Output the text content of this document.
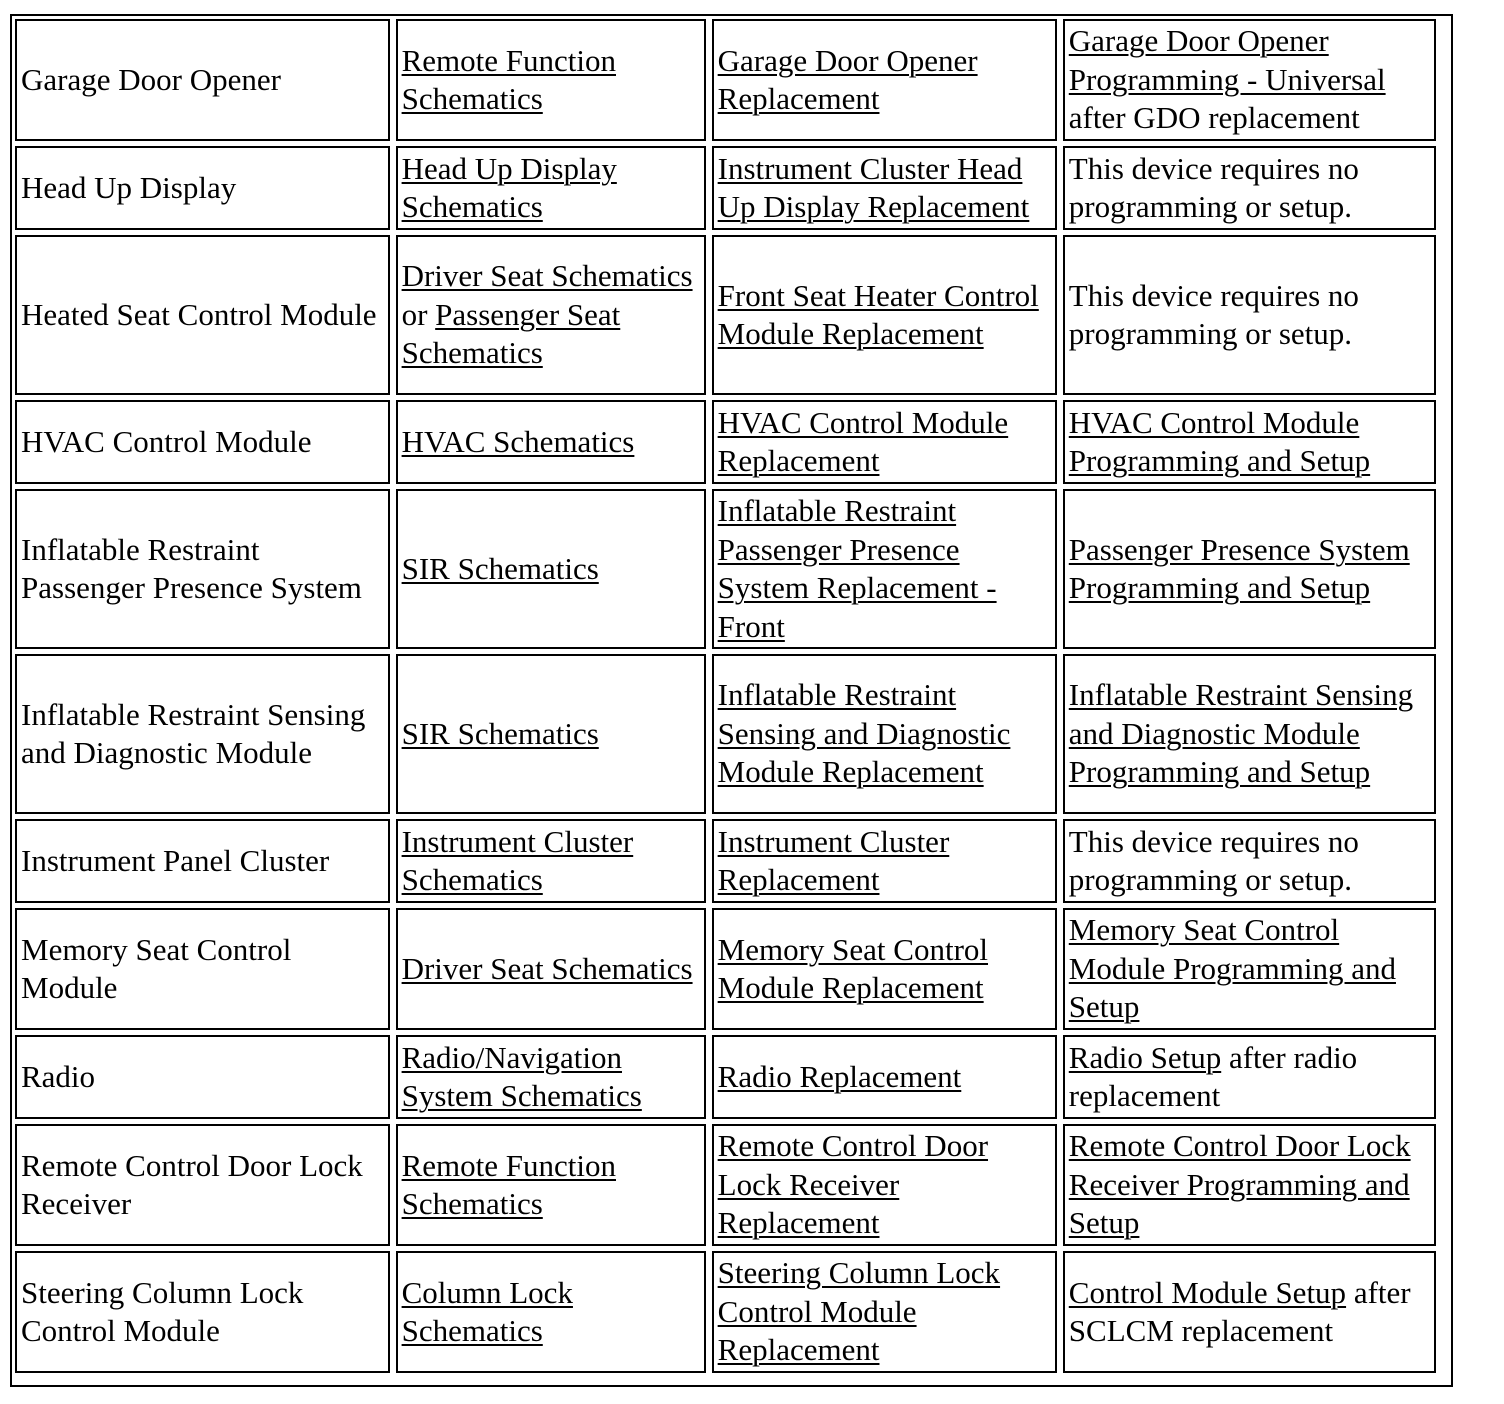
Garage Door Opener	Remote Function Schematics	Garage Door Opener Replacement	Garage Door Opener Programming - Universal after GDO replacement
Head Up Display	Head Up Display Schematics	Instrument Cluster Head Up Display Replacement	This device requires no programming or setup.
Heated Seat Control Module	Driver Seat Schematics or Passenger Seat Schematics	Front Seat Heater Control Module Replacement	This device requires no programming or setup.
HVAC Control Module	HVAC Schematics	HVAC Control Module Replacement	HVAC Control Module Programming and Setup
Inflatable Restraint Passenger Presence System	SIR Schematics	Inflatable Restraint Passenger Presence System Replacement - Front	Passenger Presence System Programming and Setup
Inflatable Restraint Sensing and Diagnostic Module	SIR Schematics	Inflatable Restraint Sensing and Diagnostic Module Replacement	Inflatable Restraint Sensing and Diagnostic Module Programming and Setup
Instrument Panel Cluster	Instrument Cluster Schematics	Instrument Cluster Replacement	This device requires no programming or setup.
Memory Seat Control Module	Driver Seat Schematics	Memory Seat Control Module Replacement	Memory Seat Control Module Programming and Setup
Radio	Radio/Navigation System Schematics	Radio Replacement	Radio Setup after radio replacement
Remote Control Door Lock Receiver	Remote Function Schematics	Remote Control Door Lock Receiver Replacement	Remote Control Door Lock Receiver Programming and Setup
Steering Column Lock Control Module	Column Lock Schematics	Steering Column Lock Control Module Replacement	Control Module Setup after SCLCM replacement
